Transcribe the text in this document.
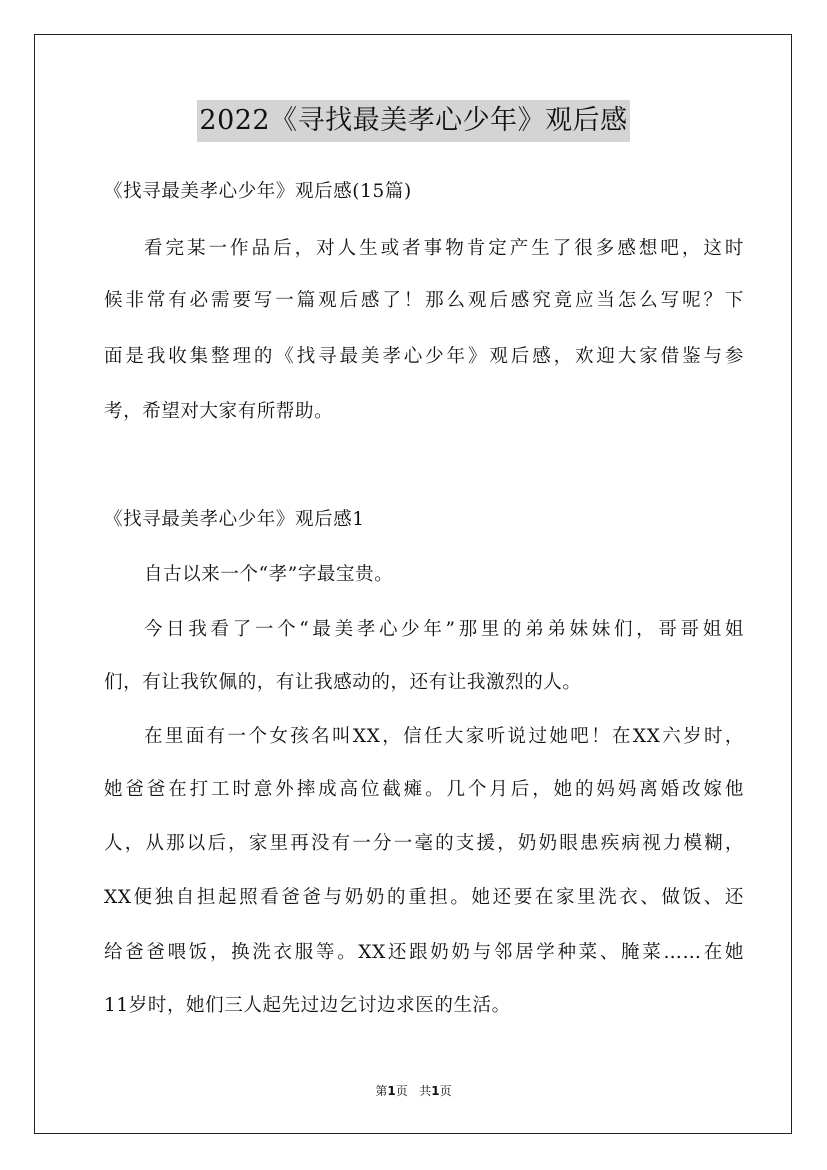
2022《寻找最美孝心少年》观后感
《找寻最美孝心少年》观后感(15篇)
看完某一作品后，对人生或者事物肯定产生了很多感想吧，这时
候非常有必需要写一篇观后感了！那么观后感究竟应当怎么写呢？下
面是我收集整理的《找寻最美孝心少年》观后感，欢迎大家借鉴与参
考，希望对大家有所帮助。
《找寻最美孝心少年》观后感1
自古以来一个“孝”字最宝贵。
今日我看了一个“最美孝心少年”那里的弟弟妹妹们，哥哥姐姐
们，有让我钦佩的，有让我感动的，还有让我激烈的人。
在里面有一个女孩名叫XX，信任大家听说过她吧！在XX六岁时，
她爸爸在打工时意外摔成高位截瘫。几个月后，她的妈妈离婚改嫁他
人，从那以后，家里再没有一分一毫的支援，奶奶眼患疾病视力模糊，
XX便独自担起照看爸爸与奶奶的重担。她还要在家里洗衣、做饭、还
给爸爸喂饭，换洗衣服等。XX还跟奶奶与邻居学种菜、腌菜……在她
11岁时，她们三人起先过边乞讨边求医的生活。
第1页 共1页
